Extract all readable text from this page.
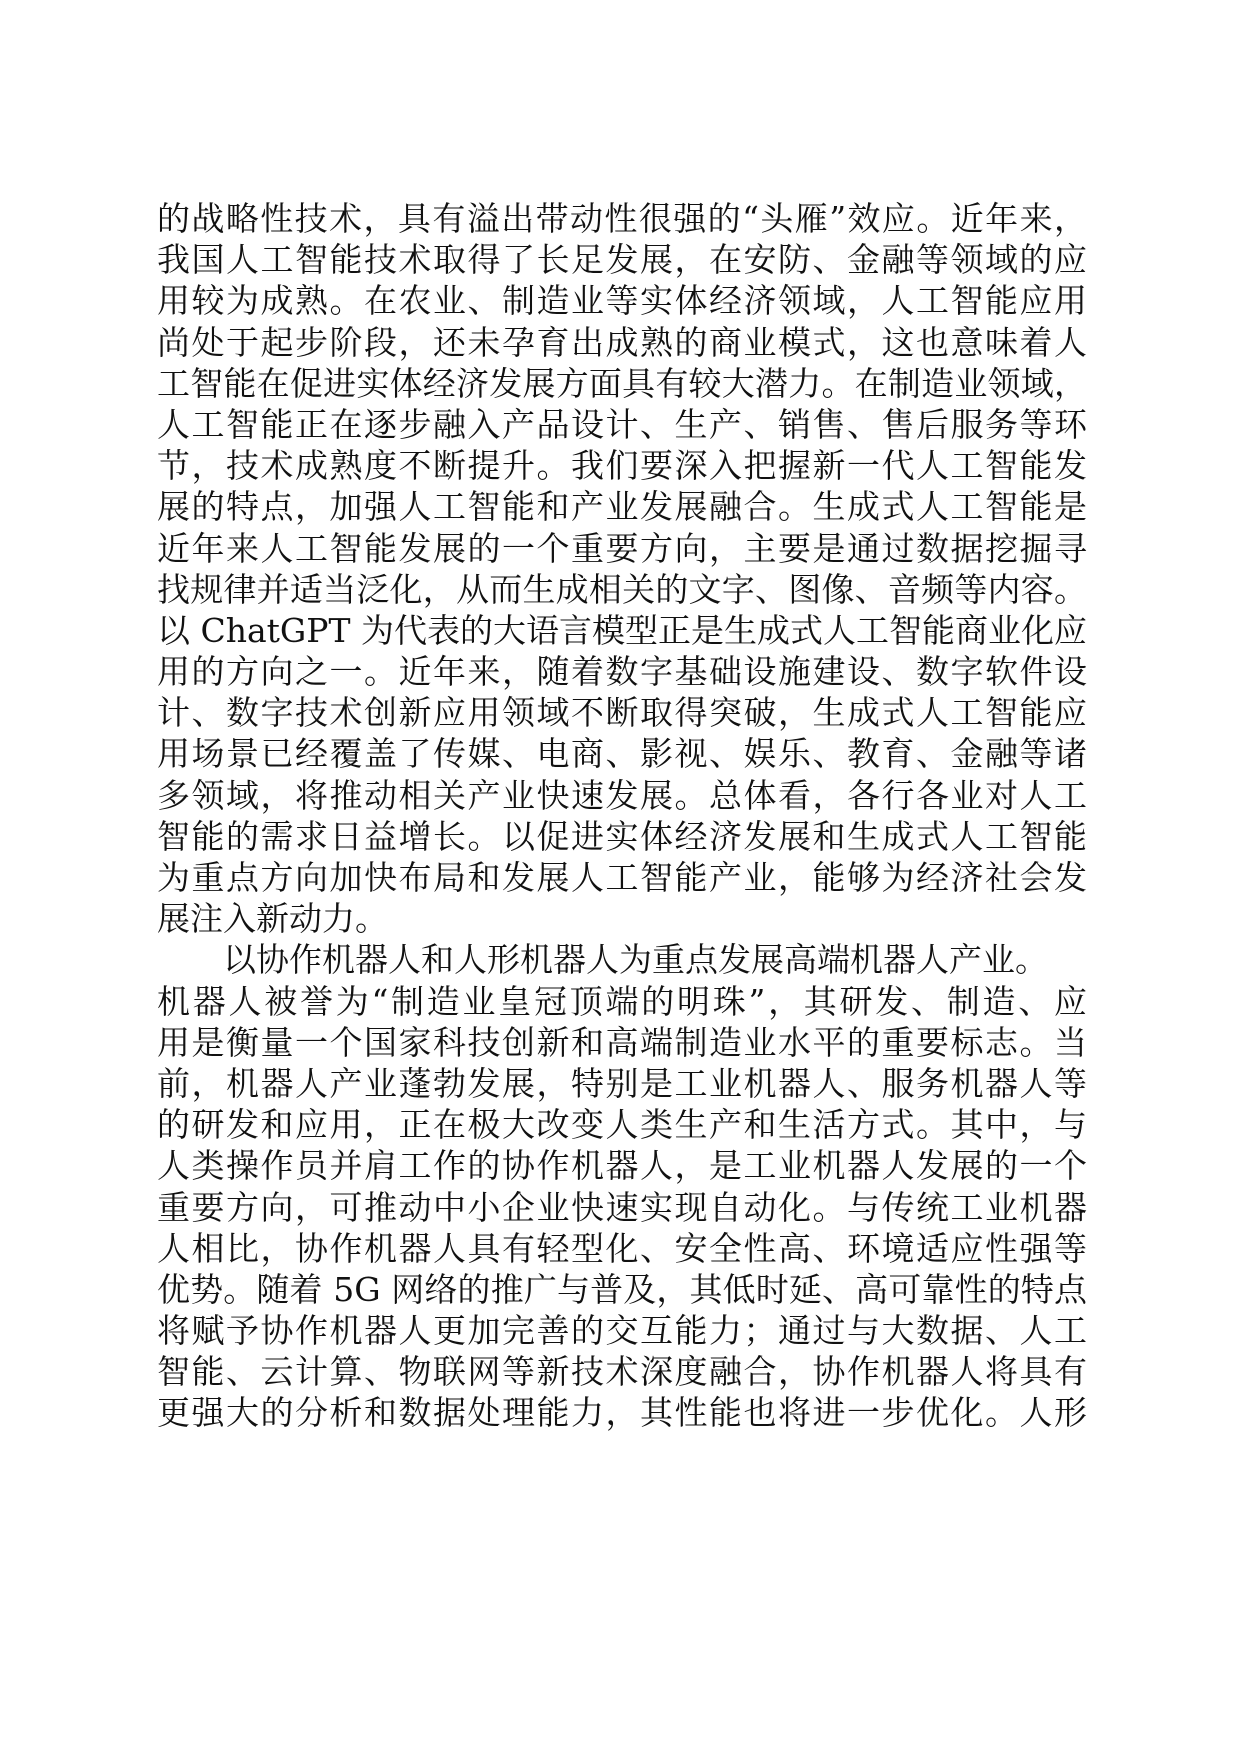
的战略性技术，具有溢出带动性很强的“头雁”效应。近年来，
我国人工智能技术取得了长足发展，在安防、金融等领域的应
用较为成熟。在农业、制造业等实体经济领域，人工智能应用
尚处于起步阶段，还未孕育出成熟的商业模式，这也意味着人
工智能在促进实体经济发展方面具有较大潜力。在制造业领域，
人工智能正在逐步融入产品设计、生产、销售、售后服务等环
节，技术成熟度不断提升。我们要深入把握新一代人工智能发
展的特点，加强人工智能和产业发展融合。生成式人工智能是
近年来人工智能发展的一个重要方向，主要是通过数据挖掘寻
找规律并适当泛化，从而生成相关的文字、图像、音频等内容。
以 ChatGPT 为代表的大语言模型正是生成式人工智能商业化应
用的方向之一。近年来，随着数字基础设施建设、数字软件设
计、数字技术创新应用领域不断取得突破，生成式人工智能应
用场景已经覆盖了传媒、电商、影视、娱乐、教育、金融等诸
多领域，将推动相关产业快速发展。总体看，各行各业对人工
智能的需求日益增长。以促进实体经济发展和生成式人工智能
为重点方向加快布局和发展人工智能产业，能够为经济社会发
展注入新动力。
以协作机器人和人形机器人为重点发展高端机器人产业。
机器人被誉为“制造业皇冠顶端的明珠”，其研发、制造、应
用是衡量一个国家科技创新和高端制造业水平的重要标志。当
前，机器人产业蓬勃发展，特别是工业机器人、服务机器人等
的研发和应用，正在极大改变人类生产和生活方式。其中，与
人类操作员并肩工作的协作机器人，是工业机器人发展的一个
重要方向，可推动中小企业快速实现自动化。与传统工业机器
人相比，协作机器人具有轻型化、安全性高、环境适应性强等
优势。随着 5G 网络的推广与普及，其低时延、高可靠性的特点
将赋予协作机器人更加完善的交互能力；通过与大数据、人工
智能、云计算、物联网等新技术深度融合，协作机器人将具有
更强大的分析和数据处理能力，其性能也将进一步优化。人形
